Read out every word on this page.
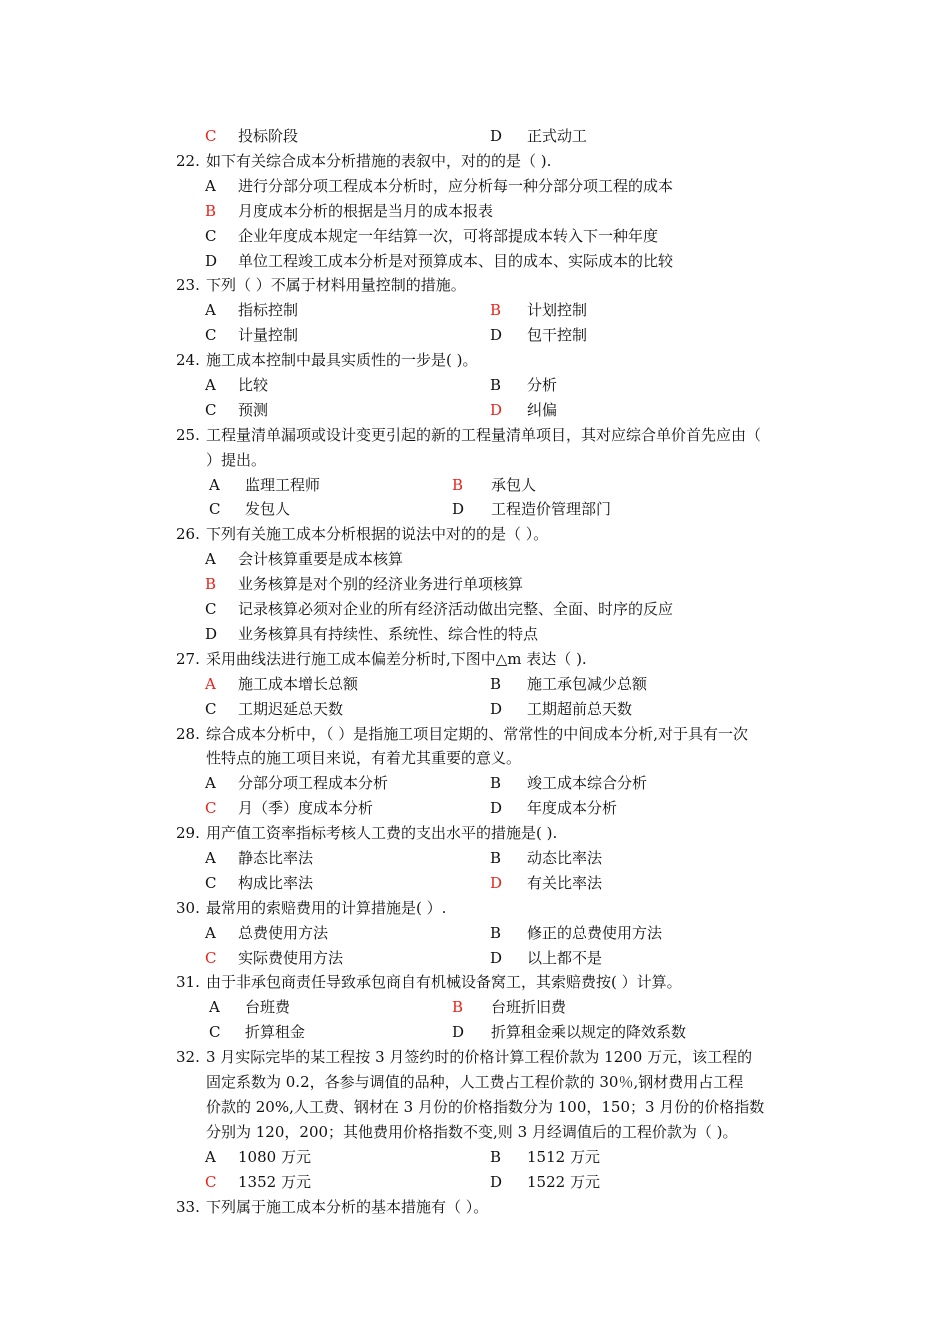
C 投标阶段	D 正式动工
22. 如下有关综合成本分析措施的表叙中，对的的是（ ).
A 进行分部分项工程成本分析时，应分析每一种分部分项工程的成本
B 月度成本分析的根据是当月的成本报表
C 企业年度成本规定一年结算一次，可将部提成本转入下一种年度
D 单位工程竣工成本分析是对预算成本、目的成本、实际成本的比较
23. 下列（ ）不属于材料用量控制的措施。
A 指标控制	B 计划控制
C 计量控制	D 包干控制
24. 施工成本控制中最具实质性的一步是( )。
A 比较	B 分析
C 预测	D 纠偏
25. 工程量清单漏项或设计变更引起的新的工程量清单项目，其对应综合单价首先应由（
）提出。
A 监理工程师	B 承包人
C 发包人	D 工程造价管理部门
26. 下列有关施工成本分析根据的说法中对的的是（ ）。
A 会计核算重要是成本核算
B 业务核算是对个别的经济业务进行单项核算
C 记录核算必须对企业的所有经济活动做出完整、全面、时序的反应
D 业务核算具有持续性、系统性、综合性的特点
27. 采用曲线法进行施工成本偏差分析时,下图中△m 表达（ ).
A 施工成本增长总额	B 施工承包减少总额
C 工期迟延总天数	D 工期超前总天数
28. 综合成本分析中，（ ）是指施工项目定期的、常常性的中间成本分析,对于具有一次
性特点的施工项目来说，有着尤其重要的意义。
A 分部分项工程成本分析	B 竣工成本综合分析
C 月（季）度成本分析	D 年度成本分析
29. 用产值工资率指标考核人工费的支出水平的措施是( ).
A 静态比率法	B 动态比率法
C 构成比率法	D 有关比率法
30. 最常用的索赔费用的计算措施是( ）.
A 总费使用方法	B 修正的总费使用方法
C 实际费使用方法	D 以上都不是
31. 由于非承包商责任导致承包商自有机械设备窝工，其索赔费按( ）计算。
A 台班费	B 台班折旧费
C 折算租金	D 折算租金乘以规定的降效系数
32. 3 月实际完毕的某工程按 3 月签约时的价格计算工程价款为 1200 万元，该工程的
固定系数为 0.2，各参与调值的品种，人工费占工程价款的 30％,钢材费用占工程
价款的 20%,人工费、钢材在 3 月份的价格指数分为 100，150；3 月份的价格指数
分别为 120，200；其他费用价格指数不变,则 3 月经调值后的工程价款为（ )。
A 1080 万元	B 1512 万元
C 1352 万元	D 1522 万元
33. 下列属于施工成本分析的基本措施有（ ）。
